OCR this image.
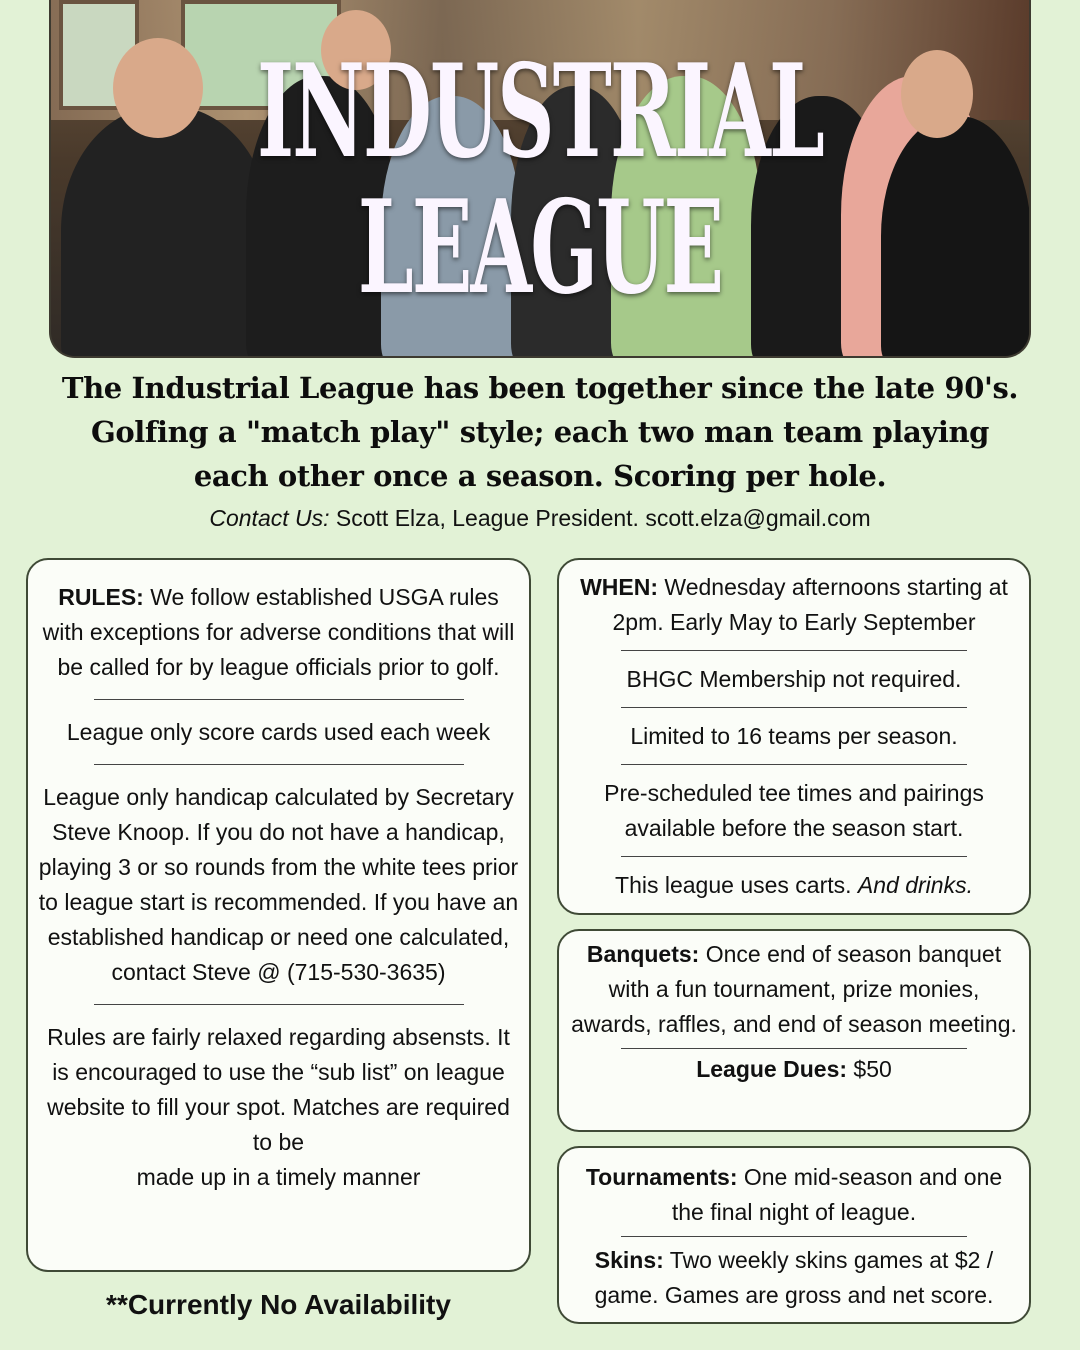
INDUSTRIAL
LEAGUE
The Industrial League has been together since the late 90's.
Golfing a "match play" style; each two man team playing
each other once a season. Scoring per hole.
Contact Us: Scott Elza, League President. scott.elza@gmail.com

RULES: We follow established USGA rules with exceptions for adverse conditions that will be called for by league officials prior to golf.

League only score cards used each week

League only handicap calculated by Secretary Steve Knoop. If you do not have a handicap, playing 3 or so rounds from the white tees prior to league start is recommended. If you have an established handicap or need one calculated, contact Steve @ (715-530-3635)

Rules are fairly relaxed regarding absensts. It is encouraged to use the “sub list” on league website to fill your spot. Matches are required to be

made up in a timely manner

WHEN: Wednesday afternoons starting at 2pm. Early May to Early September

BHGC Membership not required.

Limited to 16 teams per season.

Pre-scheduled tee times and pairings available before the season start.

This league uses carts. And drinks.

Banquets: Once end of season banquet with a fun tournament, prize monies, awards, raffles, and end of season meeting.

League Dues: $50

Tournaments: One mid-season and one the final night of league.

Skins: Two weekly skins games at $2 / game. Games are gross and net score.

**Currently No Availability
